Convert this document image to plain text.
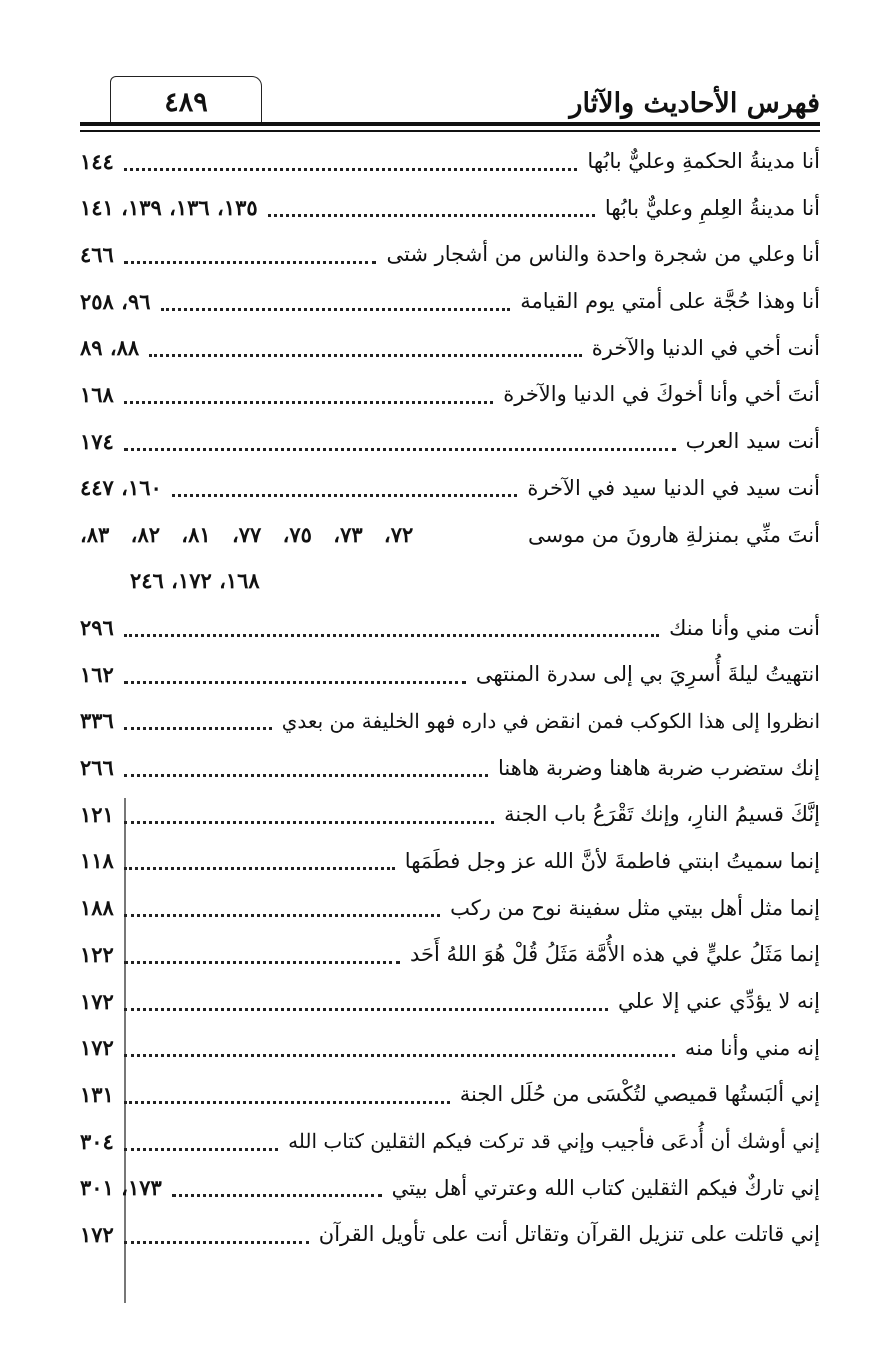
فهرس الأحاديث والآثار
٤٨٩
أنا مدينةُ الحكمةِ وعليٌّ بابُها
١٤٤
أنا مدينةُ العِلمِ وعليٌّ بابُها
١٣٥، ١٣٦، ١٣٩، ١٤١
أنا وعلي من شجرة واحدة والناس من أشجار شتى
٤٦٦
أنا وهذا حُجَّة على أمتي يوم القيامة
٩٦، ٢٥٨
أنت أخي في الدنيا والآخرة
٨٨، ٨٩
أنتَ أخي وأنا أخوكَ في الدنيا والآخرة
١٦٨
أنت سيد العرب
١٧٤
أنت سيد في الدنيا سيد في الآخرة
١٦٠، ٤٤٧
أنتَ منِّي بمنزلةِ هارونَ من موسى
٧٢، ٧٣، ٧٥، ٧٧، ٨١، ٨٢، ٨٣،
١٦٨، ١٧٢، ٢٤٦
أنت مني وأنا منك
٢٩٦
انتهيتُ ليلةَ أُسرِيَ بي إلى سدرة المنتهى
١٦٢
انظروا إلى هذا الكوكب فمن انقض في داره فهو الخليفة من بعدي
٣٣٦
إنك ستضرب ضربة هاهنا وضربة هاهنا
٢٦٦
إنَّكَ قسيمُ النارِ، وإنك تَقْرَعُ باب الجنة
١٢١
إنما سميتُ ابنتي فاطمةَ لأنَّ الله عز وجل فطَمَها
١١٨
إنما مثل أهل بيتي مثل سفينة نوح من ركب
١٨٨
إنما مَثَلُ عليٍّ في هذه الأُمَّة مَثَلُ قُلْ هُوَ اللهُ أَحَد
١٢٢
إنه لا يؤدِّي عني إلا علي
١٧٢
إنه مني وأنا منه
١٧٢
إني ألبَستُها قميصي لتُكْسَى من حُلَل الجنة
١٣١
إني أوشك أن أُدعَى فأجيب وإني قد تركت فيكم الثقلين كتاب الله
٣٠٤
إني تاركٌ فيكم الثقلين كتاب الله وعترتي أهل بيتي
١٧٣، ٣٠١
إني قاتلت على تنزيل القرآن وتقاتل أنت على تأويل القرآن
١٧٢
